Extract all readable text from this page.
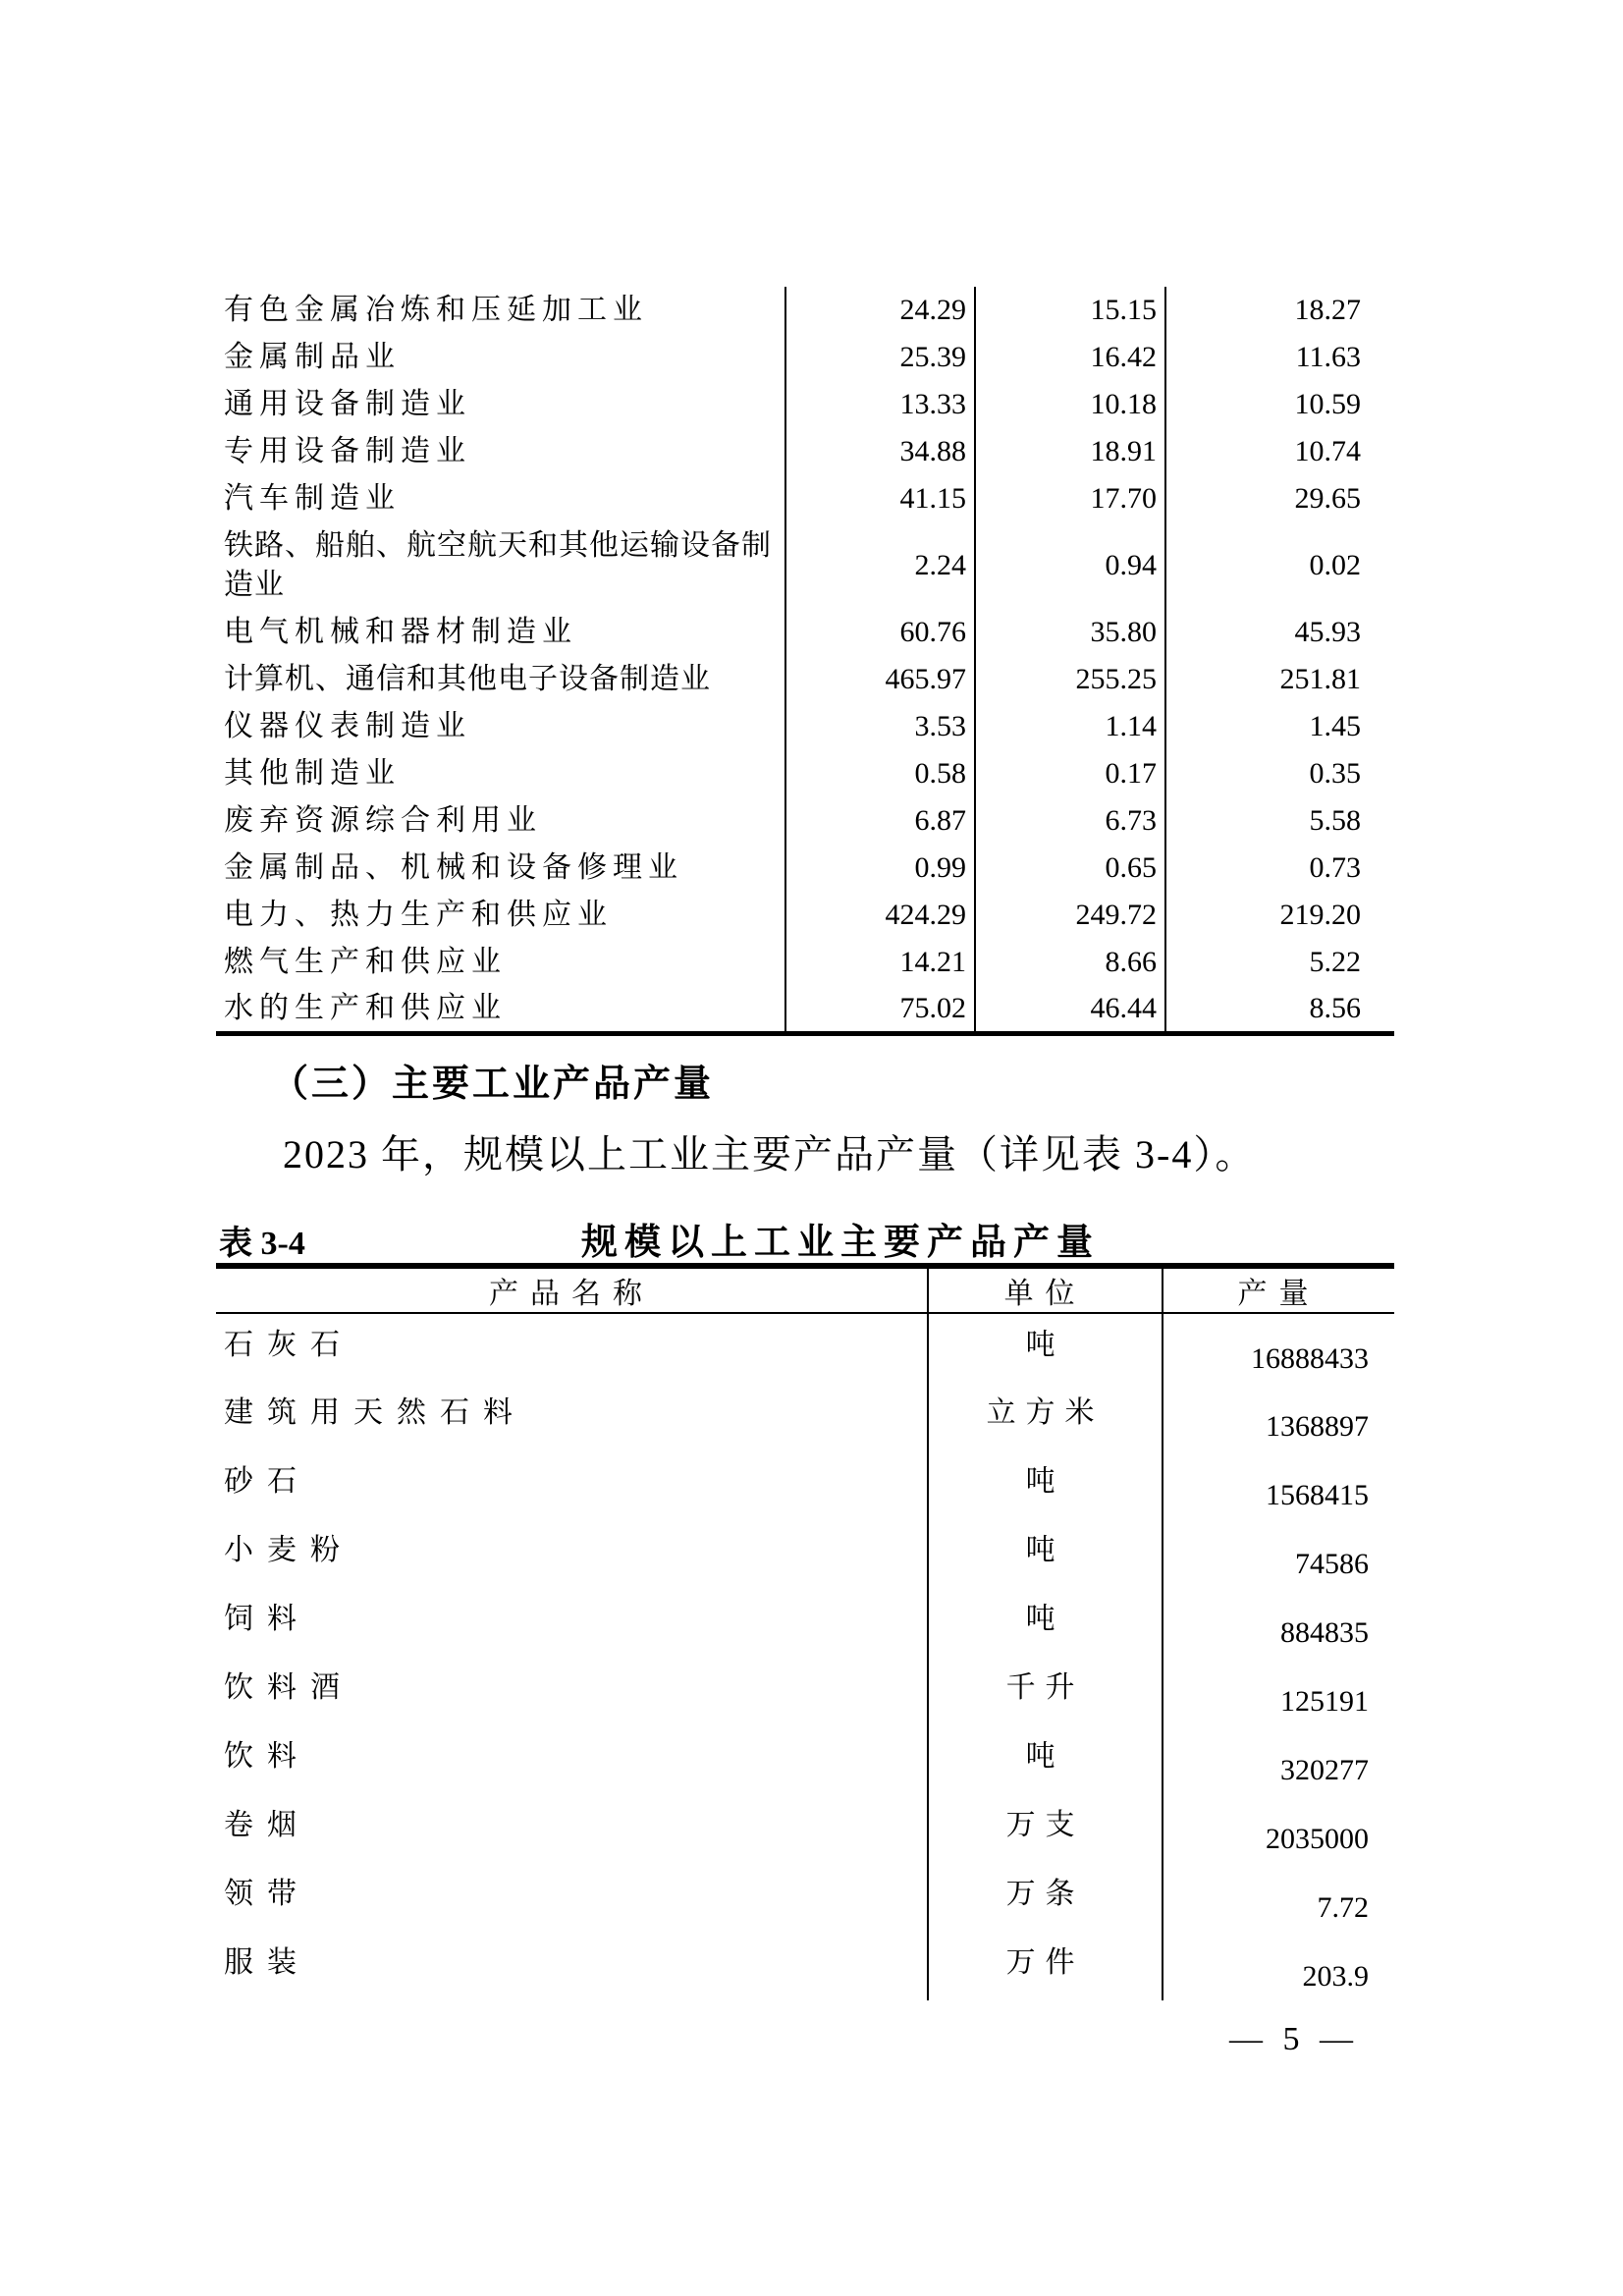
有色金属冶炼和压延加工业	24.29	15.15	18.27
金属制品业	25.39	16.42	11.63
通用设备制造业	13.33	10.18	10.59
专用设备制造业	34.88	18.91	10.74
汽车制造业	41.15	17.70	29.65
铁路、船舶、航空航天和其他运输设备制造业	2.24	0.94	0.02
电气机械和器材制造业	60.76	35.80	45.93
计算机、通信和其他电子设备制造业	465.97	255.25	251.81
仪器仪表制造业	3.53	1.14	1.45
其他制造业	0.58	0.17	0.35
废弃资源综合利用业	6.87	6.73	5.58
金属制品、机械和设备修理业	0.99	0.65	0.73
电力、热力生产和供应业	424.29	249.72	219.20
燃气生产和供应业	14.21	8.66	5.22
水的生产和供应业	75.02	46.44	8.56
（三）主要工业产品产量
2023 年，规模以上工业主要产品产量（详见表 3-4）。
表 3-4	规模以上工业主要产品产量
产品名称	单位	产量
石灰石	吨	16888433
建筑用天然石料	立方米	1368897
砂石	吨	1568415
小麦粉	吨	74586
饲料	吨	884835
饮料酒	千升	125191
饮料	吨	320277
卷烟	万支	2035000
领带	万条	7.72
服装	万件	203.9
— 5 —
